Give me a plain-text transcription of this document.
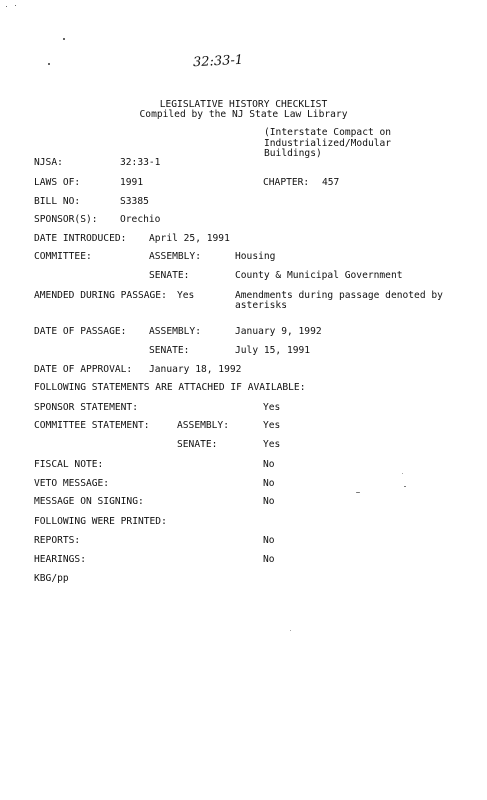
32:33-1
LEGISLATIVE HISTORY CHECKLIST
Compiled by the NJ State Law Library
(Interstate Compact on
Industrialized/Modular
Buildings)
NJSA:	32:33-1
LAWS OF:	1991	CHAPTER: 457
BILL NO:	S3385
SPONSOR(S): Orechio
DATE INTRODUCED: April 25, 1991
COMMITTEE:	ASSEMBLY:	Housing
SENATE:	County & Municipal Government
AMENDED DURING PASSAGE: Yes	Amendments during passage denoted by
asterisks
DATE OF PASSAGE: ASSEMBLY:	January 9, 1992
SENATE:	July 15, 1991
DATE OF APPROVAL: January 18, 1992
FOLLOWING STATEMENTS ARE ATTACHED IF AVAILABLE:
SPONSOR STATEMENT:	Yes
COMMITTEE STATEMENT:	ASSEMBLY:	Yes
SENATE:	Yes
FISCAL NOTE:	No
VETO MESSAGE:	No
MESSAGE ON SIGNING:	No
FOLLOWING WERE PRINTED:
REPORTS:	No
HEARINGS:	No
KBG/pp
